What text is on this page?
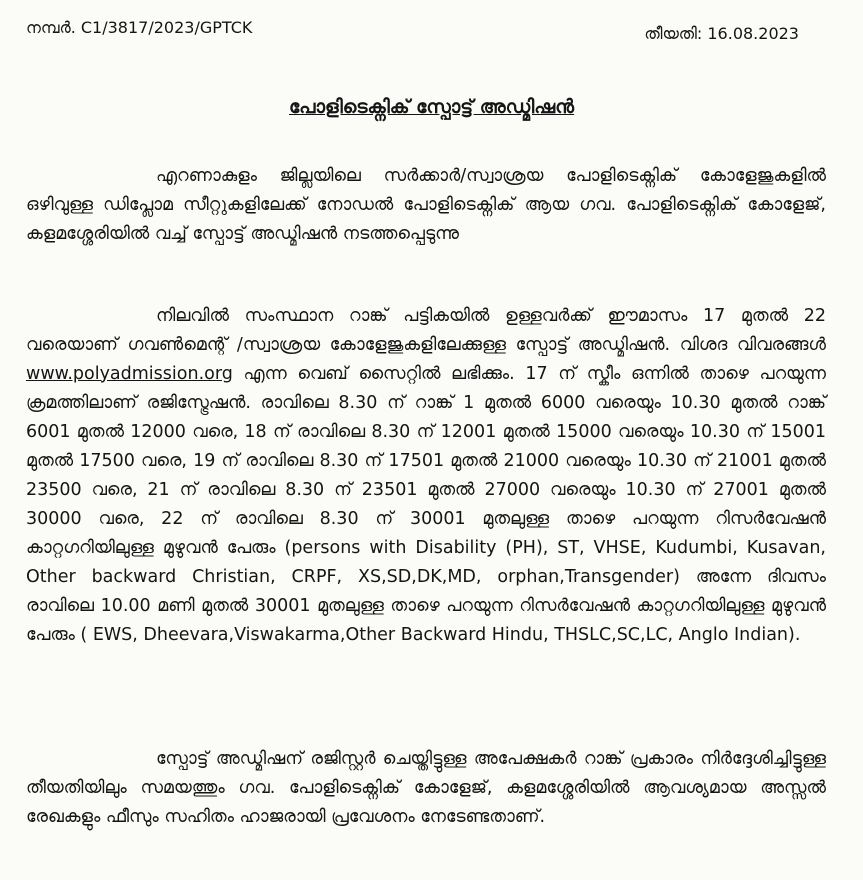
നമ്പർ. C1/3817/2023/GPTCK	തീയതി: 16.08.2023
പോളിടെക്നിക് സ്പോട്ട് അഡ്മിഷൻ

എറണാകുളം ജില്ലയിലെ സർക്കാർ/സ്വാശ്രയ പോളിടെക്നിക് കോളേജുകളിൽ ഒഴിവുള്ള ഡിപ്ലോമ സീറ്റുകളിലേക്ക് നോഡൽ പോളിടെക്നിക് ആയ ഗവ. പോളിടെക്നിക് കോളേജ്, കളമശ്ശേരിയിൽ വച്ച് സ്പോട്ട് അഡ്മിഷൻ നടത്തപ്പെടുന്നു

നിലവിൽ സംസ്ഥാന റാങ്ക് പട്ടികയിൽ ഉള്ളവർക്ക് ഈമാസം 17 മുതൽ 22 വരെയാണ് ഗവൺമെന്റ് /സ്വാശ്രയ കോളേജുകളിലേക്കുള്ള സ്പോട്ട് അഡ്മിഷൻ. വിശദ വിവരങ്ങൾ www.polyadmission.org എന്ന വെബ് സൈറ്റിൽ ലഭിക്കും. 17 ന് സ്കീം ഒന്നിൽ താഴെ പറയുന്ന ക്രമത്തിലാണ് രജിസ്ട്രേഷൻ. രാവിലെ 8.30 ന് റാങ്ക് 1 മുതൽ 6000 വരെയും 10.30 മുതൽ റാങ്ക് 6001 മുതൽ 12000 വരെ, 18 ന് രാവിലെ 8.30 ന് 12001 മുതൽ 15000 വരെയും 10.30 ന് 15001 മുതൽ 17500 വരെ, 19 ന് രാവിലെ 8.30 ന് 17501 മുതൽ 21000 വരെയും 10.30 ന് 21001 മുതൽ 23500 വരെ, 21 ന് രാവിലെ 8.30 ന് 23501 മുതൽ 27000 വരെയും 10.30 ന് 27001 മുതൽ 30000 വരെ, 22 ന് രാവിലെ 8.30 ന് 30001 മുതലുള്ള താഴെ പറയുന്ന റിസർവേഷൻ കാറ്റഗറിയിലുള്ള മുഴുവൻ പേരും (persons with Disability (PH), ST, VHSE, Kudumbi, Kusavan, Other backward Christian, CRPF, XS,SD,DK,MD, orphan,Transgender) അന്നേ ദിവസം രാവിലെ 10.00 മണി മുതൽ 30001 മുതലുള്ള താഴെ പറയുന്ന റിസർവേഷൻ കാറ്റഗറിയിലുള്ള മുഴുവൻ പേരും ( EWS, Dheevara,Viswakarma,Other Backward Hindu, THSLC,SC,LC, Anglo Indian).

സ്പോട്ട് അഡ്മിഷന് രജിസ്റ്റർ ചെയ്തിട്ടുള്ള അപേക്ഷകർ റാങ്ക് പ്രകാരം നിർദ്ദേശിച്ചിട്ടുള്ള തീയതിയിലും സമയത്തും ഗവ. പോളിടെക്നിക് കോളേജ്, കളമശ്ശേരിയിൽ ആവശ്യമായ അസ്സൽ രേഖകളും ഫീസും സഹിതം ഹാജരായി പ്രവേശനം നേടേണ്ടതാണ്.
